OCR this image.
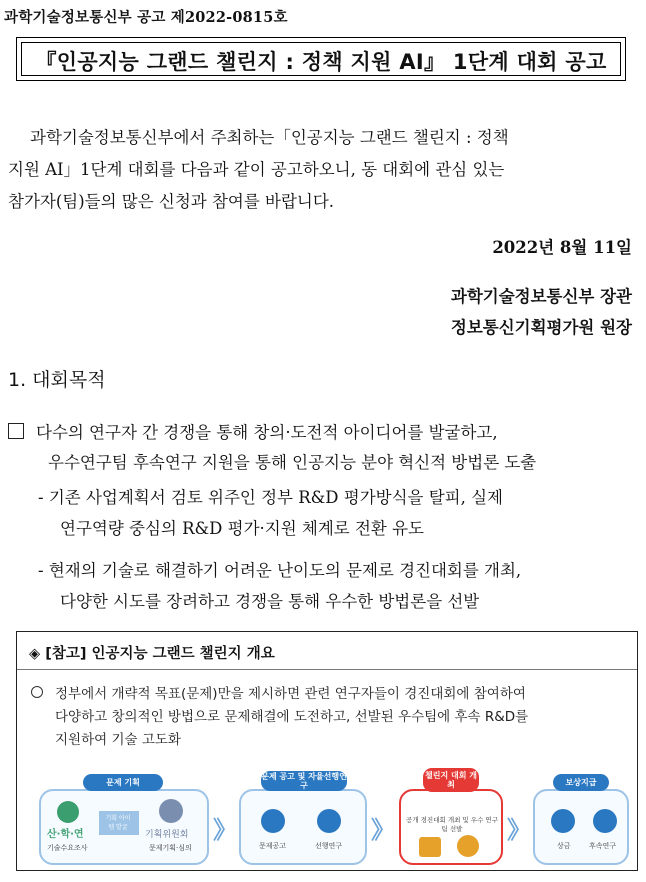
과학기술정보통신부 공고 제2022-0815호
『인공지능 그랜드 챌린지 : 정책 지원 AI』 1단계 대회 공고
과학기술정보통신부에서 주최하는「인공지능 그랜드 챌린지 : 정책
지원 AI」1단계 대회를 다음과 같이 공고하오니, 동 대회에 관심 있는
참가자(팀)들의 많은 신청과 참여를 바랍니다.
2022년 8월 11일
과학기술정보통신부 장관
정보통신기획평가원 원장
1. 대회목적
다수의 연구자 간 경쟁을 통해 창의·도전적 아이디어를 발굴하고,
우수연구팀 후속연구 지원을 통해 인공지능 분야 혁신적 방법론 도출
- 기존 사업계획서 검토 위주인 정부 R&D 평가방식을 탈피, 실제
연구역량 중심의 R&D 평가·지원 체계로 전환 유도
- 현재의 기술로 해결하기 어려운 난이도의 문제로 경진대회를 개최,
다양한 시도를 장려하고 경쟁을 통해 우수한 방법론을 선발
◈ [참고] 인공지능 그랜드 챌린지 개요
정부에서 개략적 목표(문제)만을 제시하면 관련 연구자들이 경진대회에 참여하여
다양하고 창의적인 방법으로 문제해결에 도전하고, 선발된 우수팀에 후속 R&D를
지원하여 기술 고도화
산·학·연
기술수요조사
기획 아이템 발굴
기획위원회
문제기획·심의
문제 기획
》
문제공고	선행연구
문제 공고 및 자율선행연구
》 공개 경진대회 개최 및 우수 연구팀 선발
챌린지 대회 개최
》
상금	후속연구
보상지급
